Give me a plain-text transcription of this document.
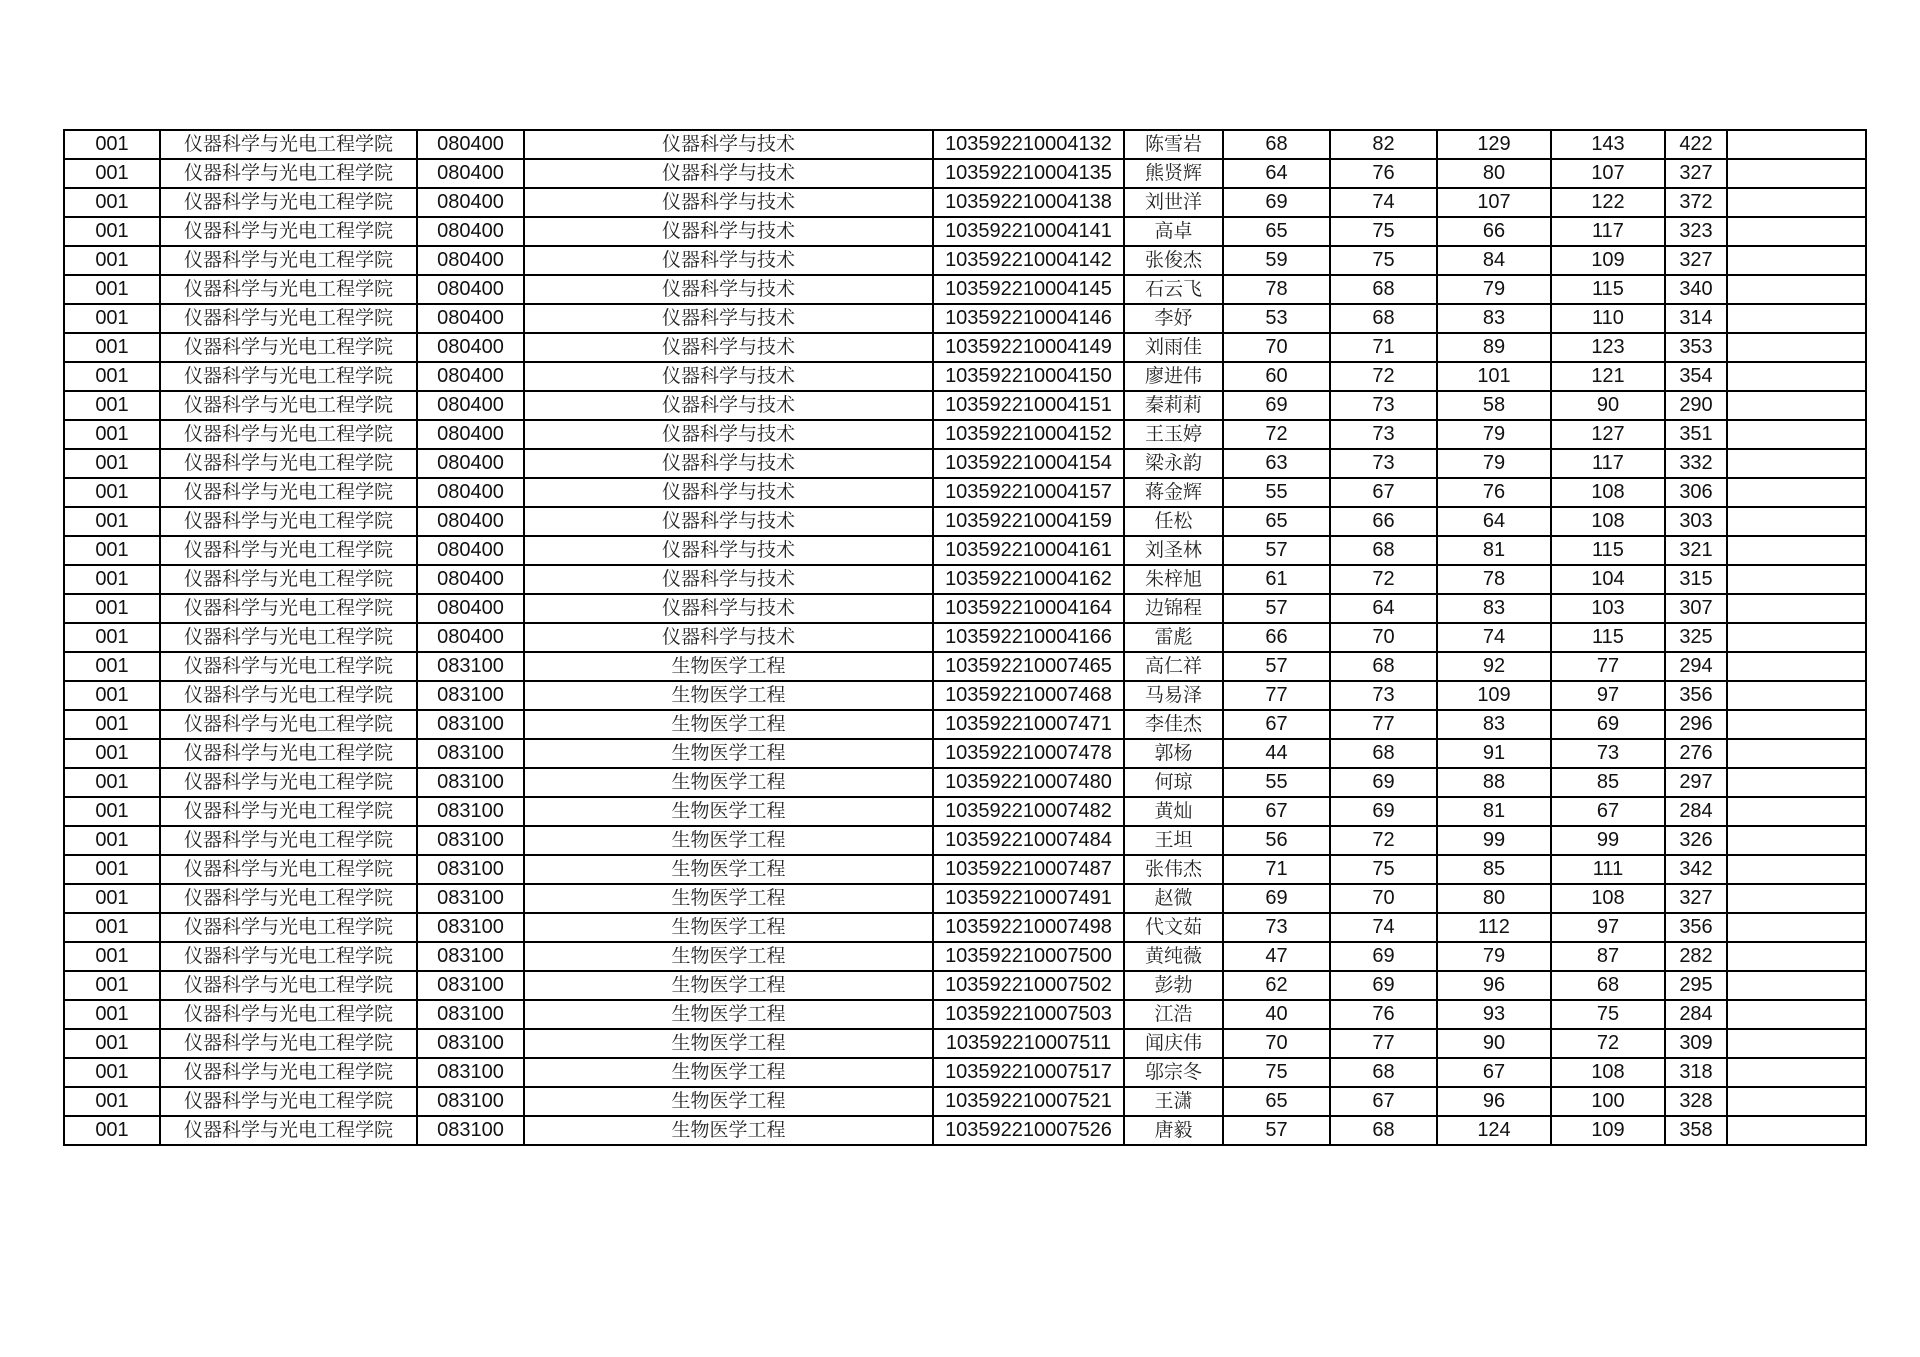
001	仪器科学与光电工程学院	080400	仪器科学与技术	103592210004132	陈雪岩	68	82	129	143	422	
001	仪器科学与光电工程学院	080400	仪器科学与技术	103592210004135	熊贤辉	64	76	80	107	327	
001	仪器科学与光电工程学院	080400	仪器科学与技术	103592210004138	刘世洋	69	74	107	122	372	
001	仪器科学与光电工程学院	080400	仪器科学与技术	103592210004141	高卓	65	75	66	117	323	
001	仪器科学与光电工程学院	080400	仪器科学与技术	103592210004142	张俊杰	59	75	84	109	327	
001	仪器科学与光电工程学院	080400	仪器科学与技术	103592210004145	石云飞	78	68	79	115	340	
001	仪器科学与光电工程学院	080400	仪器科学与技术	103592210004146	李妤	53	68	83	110	314	
001	仪器科学与光电工程学院	080400	仪器科学与技术	103592210004149	刘雨佳	70	71	89	123	353	
001	仪器科学与光电工程学院	080400	仪器科学与技术	103592210004150	廖进伟	60	72	101	121	354	
001	仪器科学与光电工程学院	080400	仪器科学与技术	103592210004151	秦莉莉	69	73	58	90	290	
001	仪器科学与光电工程学院	080400	仪器科学与技术	103592210004152	王玉婷	72	73	79	127	351	
001	仪器科学与光电工程学院	080400	仪器科学与技术	103592210004154	梁永韵	63	73	79	117	332	
001	仪器科学与光电工程学院	080400	仪器科学与技术	103592210004157	蒋金辉	55	67	76	108	306	
001	仪器科学与光电工程学院	080400	仪器科学与技术	103592210004159	任松	65	66	64	108	303	
001	仪器科学与光电工程学院	080400	仪器科学与技术	103592210004161	刘圣林	57	68	81	115	321	
001	仪器科学与光电工程学院	080400	仪器科学与技术	103592210004162	朱梓旭	61	72	78	104	315	
001	仪器科学与光电工程学院	080400	仪器科学与技术	103592210004164	边锦程	57	64	83	103	307	
001	仪器科学与光电工程学院	080400	仪器科学与技术	103592210004166	雷彪	66	70	74	115	325	
001	仪器科学与光电工程学院	083100	生物医学工程	103592210007465	高仁祥	57	68	92	77	294	
001	仪器科学与光电工程学院	083100	生物医学工程	103592210007468	马易泽	77	73	109	97	356	
001	仪器科学与光电工程学院	083100	生物医学工程	103592210007471	李佳杰	67	77	83	69	296	
001	仪器科学与光电工程学院	083100	生物医学工程	103592210007478	郭杨	44	68	91	73	276	
001	仪器科学与光电工程学院	083100	生物医学工程	103592210007480	何琼	55	69	88	85	297	
001	仪器科学与光电工程学院	083100	生物医学工程	103592210007482	黄灿	67	69	81	67	284	
001	仪器科学与光电工程学院	083100	生物医学工程	103592210007484	王坦	56	72	99	99	326	
001	仪器科学与光电工程学院	083100	生物医学工程	103592210007487	张伟杰	71	75	85	111	342	
001	仪器科学与光电工程学院	083100	生物医学工程	103592210007491	赵微	69	70	80	108	327	
001	仪器科学与光电工程学院	083100	生物医学工程	103592210007498	代文茹	73	74	112	97	356	
001	仪器科学与光电工程学院	083100	生物医学工程	103592210007500	黄纯薇	47	69	79	87	282	
001	仪器科学与光电工程学院	083100	生物医学工程	103592210007502	彭勃	62	69	96	68	295	
001	仪器科学与光电工程学院	083100	生物医学工程	103592210007503	江浩	40	76	93	75	284	
001	仪器科学与光电工程学院	083100	生物医学工程	103592210007511	闻庆伟	70	77	90	72	309	
001	仪器科学与光电工程学院	083100	生物医学工程	103592210007517	邬宗冬	75	68	67	108	318	
001	仪器科学与光电工程学院	083100	生物医学工程	103592210007521	王潇	65	67	96	100	328	
001	仪器科学与光电工程学院	083100	生物医学工程	103592210007526	唐毅	57	68	124	109	358	
